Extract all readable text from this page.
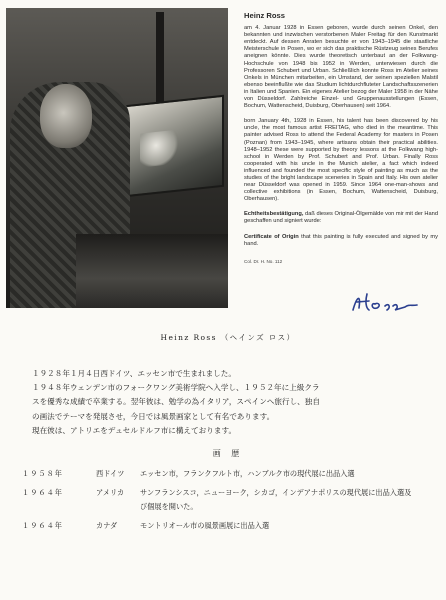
Heinz Ross

am 4. Januar 1928 in Essen geboren, wurde durch seinen Onkel, den bekannten und inzwischen verstorbenen Maler Freitag für den Kunstmarkt entdeckt. Auf dessen Anraten besuchte er von 1943–1945 die staatliche Meisterschule in Posen, wo er sich das praktische Rüstzeug seines Berufes aneignen könnte. Dies wurde theoretisch unterbaut an der Folkwang-Hochschule von 1948 bis 1952 in Werden, unterwiesen durch die Professoren Schubert und Urban. Schließlich konnte Ross im Atelier seines Onkels in München mitarbeiten, ein Umstand, der seinen speziellen Malstil ebenso beeinflußte wie das Studium lichtdurchfluteter Landschaftsszenerien in Italien und Spanien. Ein eigenes Atelier bezog der Maler 1958 in der Nähe von Düsseldorf. Zahlreiche Einzel- und Gruppenausstellungen (Essen, Bochum, Wattenscheid, Duisburg, Oberhausen) seit 1964.

born January 4th, 1928 in Essen, his talent has been discovered by his uncle, the most famous artist FREITAG, who died in the meantime. This painter advised Ross to attend the Federal Academy for masters in Posen (Poznan) from 1943–1945, where artisans obtain their practical abilities. 1948–1952 these were supported by theory lessons at the Folkwang high-school in Werden by Prof. Schubert and Prof. Urban. Finally Ross cooperated with his uncle in the Munich atelier, a fact which indeed influenced and founded the most specific style of painting as much as the studies of the bright landscape sceneries in Spain and Italy. His own atelier near Düsseldorf was opened in 1959. Since 1964 one-man-shows and collective exhibitions (in Essen, Bochum, Wattenscheid, Duisburg, Oberhausen).

Echtheitsbestätigung, daß dieses Original-Ölgemälde von mir mit der Hand geschaffen und signiert wurde:

Certificate of Origin that this painting is fully executed and signed by my hand.

Col. Dr. H. No. 112
Heinz Ross （ヘインズ ロス）
１９２８年１月４日西ドイツ、エッセン市で生まれました。
１９４８年ウェンデン市のフォークワング美術学院へ入学し、１９５２年に上級クラ
スを優秀な成績で卒業する。翌年彼は、勉学の為イタリア，スペインへ旅行し、独自
の画法でテーマを発展させ，今日では風景画家として有名であります。
現在彼は、アトリエをデュセルドルフ市に構えております。
画 歴
１９５８年	西ドイツ	エッセン市，フランクフルト市，ハンブルク市の現代展に出品入選
１９６４年	アメリカ	サンフランシスコ，ニューヨーク，シカゴ，インデアナポリスの現代展に出品入選及び個展を開いた。
１９６４年	カナダ	モントリオール市の風景画展に出品入選
